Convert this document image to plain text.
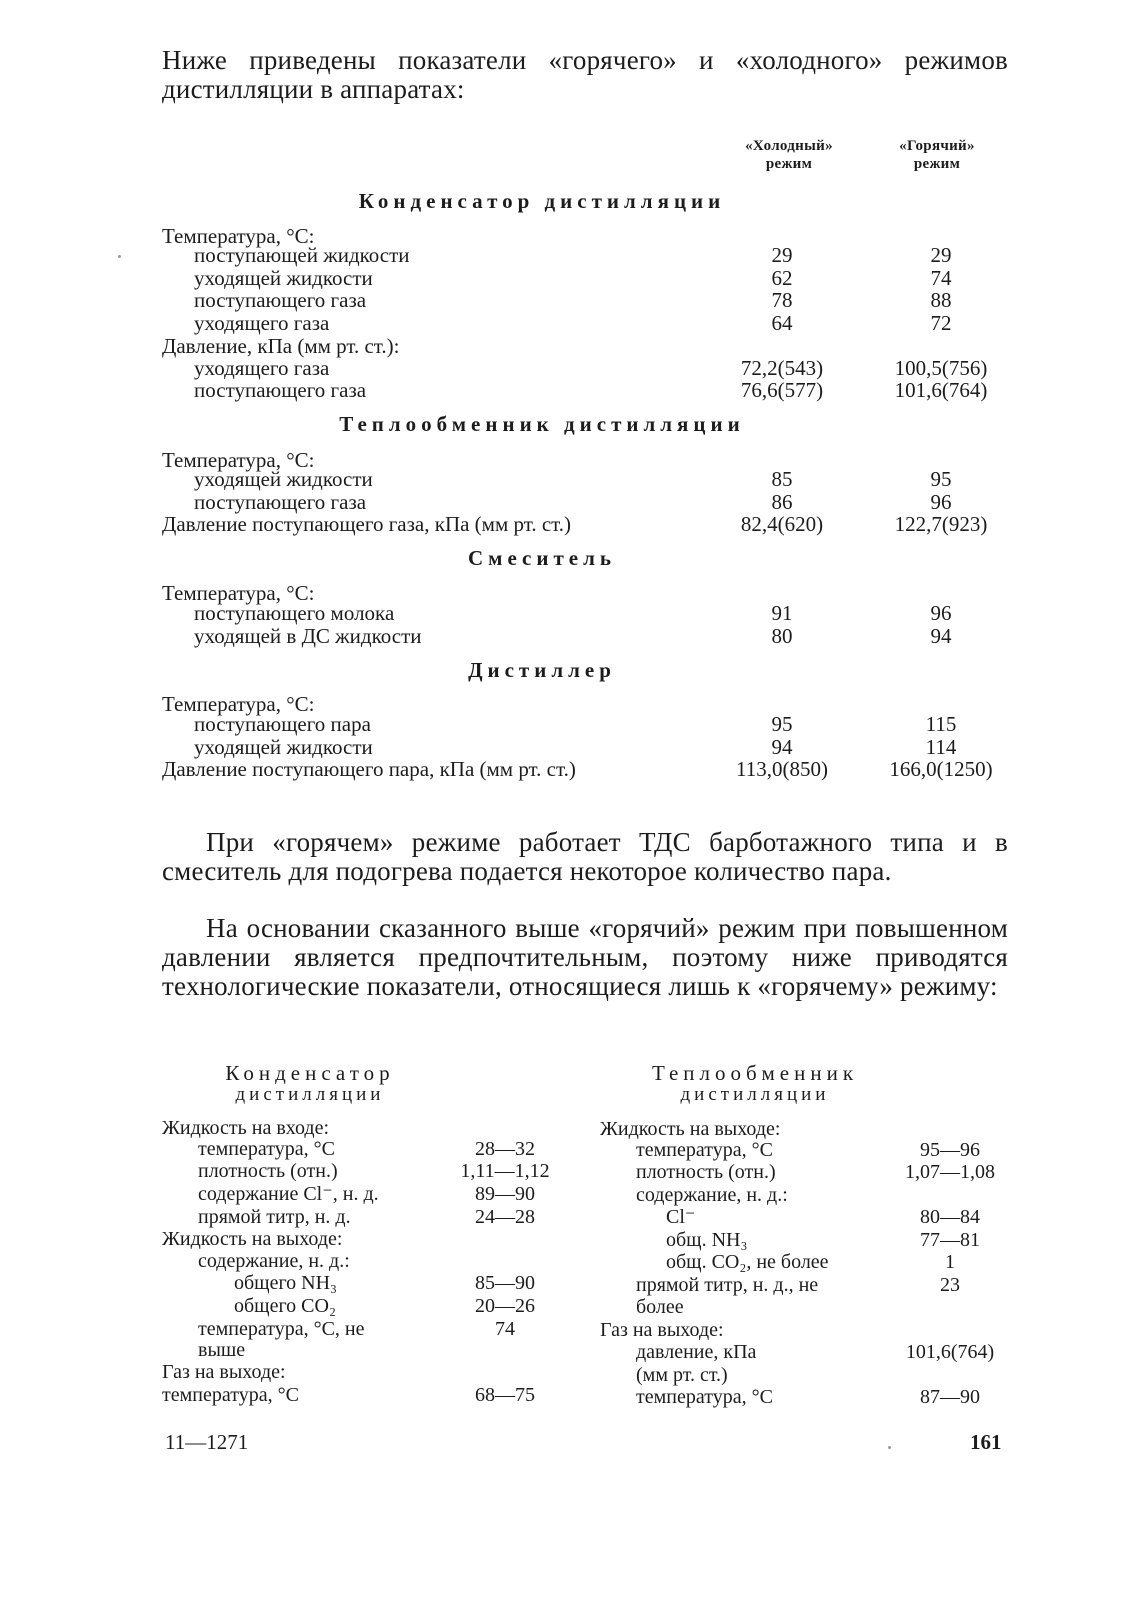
Ниже приведены показатели «горячего» и «холодного» режимов дистилляции в аппаратах:

«Холодный»
режим
«Горячий»
режим
Конденсатор дистилляции
Температура, °С:
поступающей жидкости	29	29
уходящей жидкости	62	74
поступающего газа	78	88
уходящего газа	64	72
Давление, кПа (мм рт. ст.):
уходящего газа	72,2(543)	100,5(756)
поступающего газа	76,6(577)	101,6(764)
Теплообменник дистилляции
Температура, °С:
уходящей жидкости	85	95
поступающего газа	86	96
Давление поступающего газа, кПа (мм рт. ст.)	82,4(620)	122,7(923)
Смеситель
Температура, °С:
поступающего молока	91	96
уходящей в ДС жидкости	80	94
Дистиллер
Температура, °С:
поступающего пара	95	115
уходящей жидкости	94	114
Давление поступающего пара, кПа (мм рт. ст.)	113,0(850)	166,0(1250)

При «горячем» режиме работает ТДС барботажного типа и в смеситель для подогрева подается некоторое количество пара.

На основании сказанного выше «горячий» режим при повышенном давлении является предпочтительным, поэтому ниже приводятся технологические показатели, относящиеся лишь к «горячему» режиму:

Конденсатор
дистилляции
Жидкость на входе:
температура, °С	28—32
плотность (отн.)	1,11—1,12
содержание Cl⁻, н. д.	89—90
прямой титр, н. д.	24—28
Жидкость на выходе:
содержание, н. д.:
общего NH₃	85—90
общего CO₂	20—26
температура, °С, не	74
выше
Газ на выходе:
температура, °С	68—75
Теплообменник
дистилляции
Жидкость на выходе:
температура, °С	95—96
плотность (отн.)	1,07—1,08
содержание, н. д.:
Cl⁻	80—84
общ. NH₃	77—81
общ. CO₂, не более	1
прямой титр, н. д., не	23
более
Газ на выходе:
давление, кПа	101,6(764)
(мм рт. ст.)
температура, °С	87—90
11—1271	161
